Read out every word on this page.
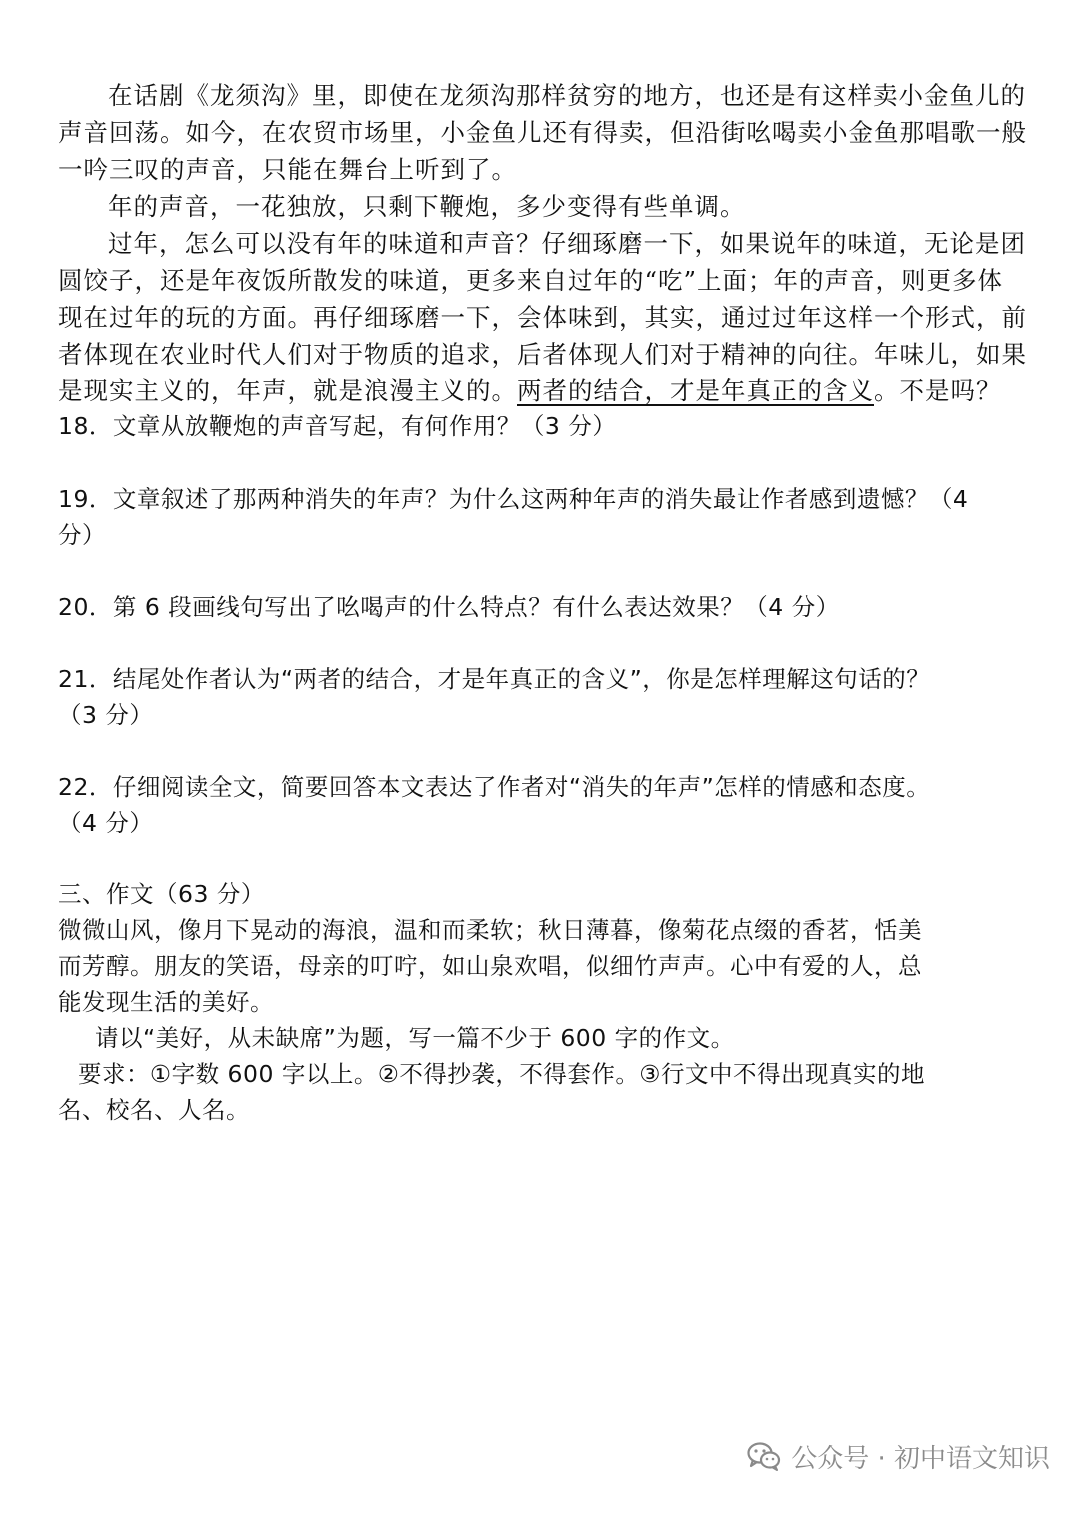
在话剧《龙须沟》里，即使在龙须沟那样贫穷的地方，也还是有这样卖小金鱼儿的
声音回荡。如今，在农贸市场里，小金鱼儿还有得卖，但沿街吆喝卖小金鱼那唱歌一般
一吟三叹的声音，只能在舞台上听到了。
年的声音，一花独放，只剩下鞭炮，多少变得有些单调。
过年，怎么可以没有年的味道和声音？仔细琢磨一下，如果说年的味道，无论是团
圆饺子，还是年夜饭所散发的味道，更多来自过年的“吃”上面；年的声音，则更多体
现在过年的玩的方面。再仔细琢磨一下，会体味到，其实，通过过年这样一个形式，前
者体现在农业时代人们对于物质的追求，后者体现人们对于精神的向往。年味儿，如果
是现实主义的，年声，就是浪漫主义的。两者的结合，才是年真正的含义。不是吗？
18．文章从放鞭炮的声音写起，有何作用？（3 分）
19．文章叙述了那两种消失的年声？为什么这两种年声的消失最让作者感到遗憾？（4
分）
20．第 6 段画线句写出了吆喝声的什么特点？有什么表达效果？（4 分）
21．结尾处作者认为“两者的结合，才是年真正的含义”，你是怎样理解这句话的？
（3 分）
22．仔细阅读全文，简要回答本文表达了作者对“消失的年声”怎样的情感和态度。
（4 分）
三、作文（63 分）
微微山风，像月下晃动的海浪，温和而柔软；秋日薄暮，像菊花点缀的香茗，恬美
而芳醇。朋友的笑语，母亲的叮咛，如山泉欢唱，似细竹声声。心中有爱的人，总
能发现生活的美好。
请以“美好，从未缺席”为题，写一篇不少于 600 字的作文。
要求：①字数 600 字以上。②不得抄袭，不得套作。③行文中不得出现真实的地
名、校名、人名。
公众号 · 初中语文知识
